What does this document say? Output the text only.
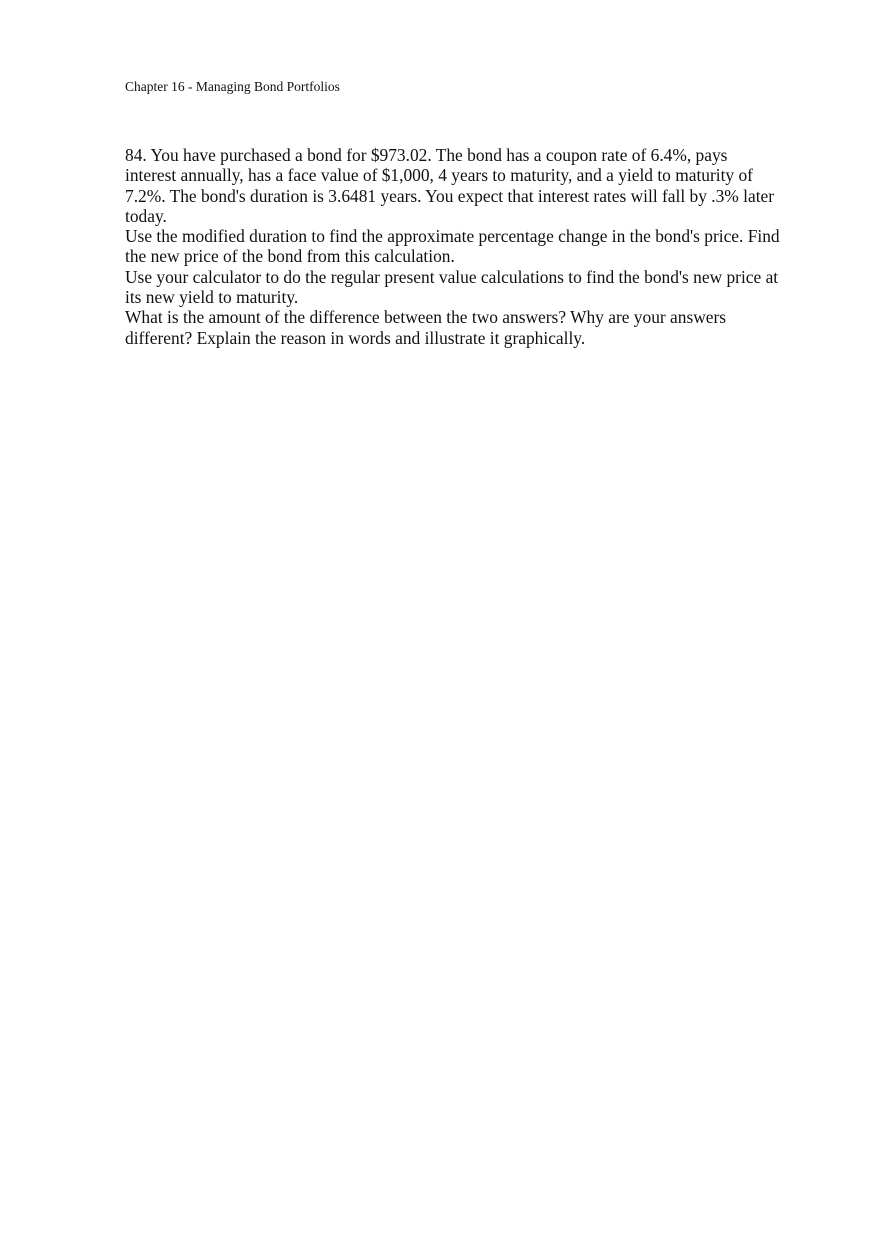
Chapter 16 - Managing Bond Portfolios
84. You have purchased a bond for $973.02. The bond has a coupon rate of 6.4%, pays
interest annually, has a face value of $1,000, 4 years to maturity, and a yield to maturity of
7.2%. The bond's duration is 3.6481 years. You expect that interest rates will fall by .3% later
today.
Use the modified duration to find the approximate percentage change in the bond's price. Find
the new price of the bond from this calculation.
Use your calculator to do the regular present value calculations to find the bond's new price at
its new yield to maturity.
What is the amount of the difference between the two answers? Why are your answers
different? Explain the reason in words and illustrate it graphically.
